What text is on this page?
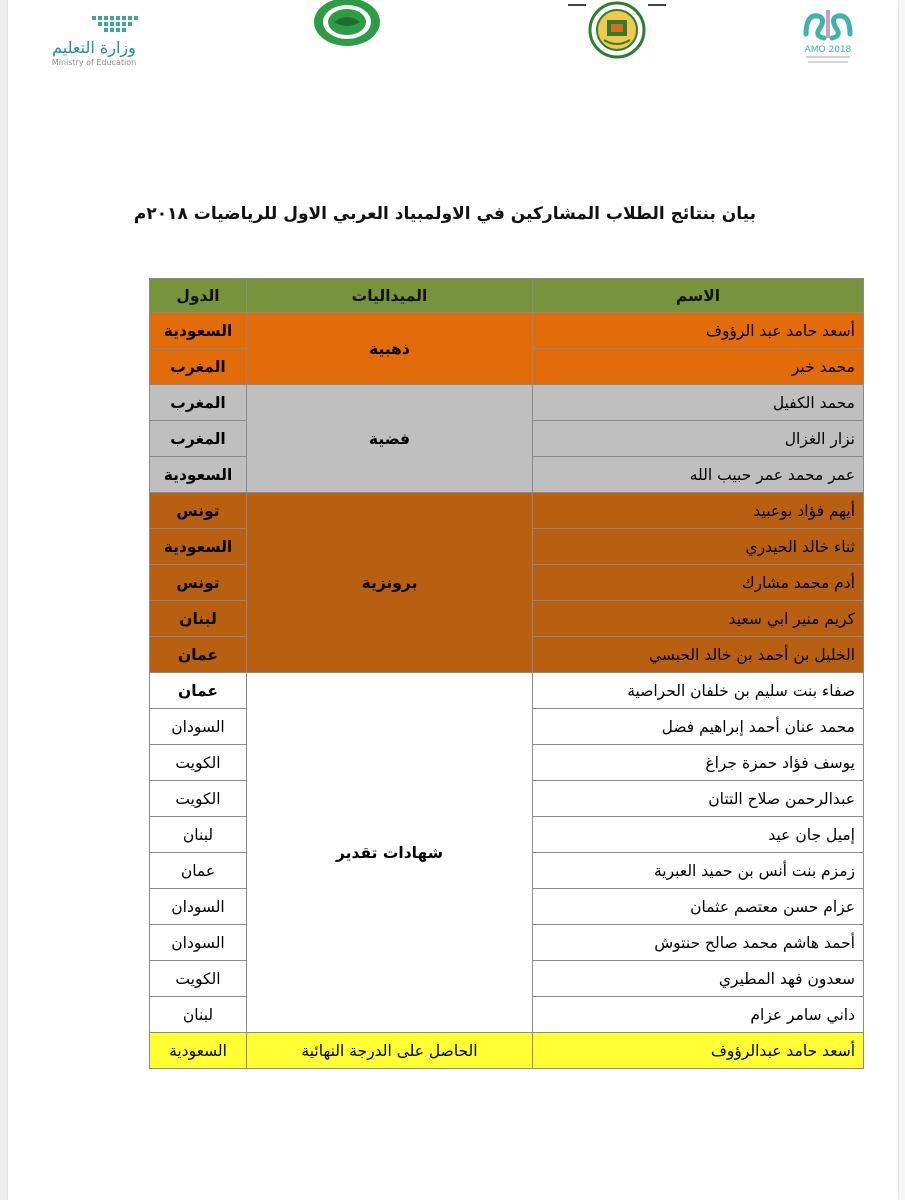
AMO 2018
وزارة التعليم
Ministry of Education
بيان بنتائج الطلاب المشاركين في الاولمبياد العربي الاول للرياضيات ٢٠١٨م
الاسم	الميداليات	الدول
أسعد حامد عبد الرؤوف	ذهبية	السعودية
محمد خير		المغرب
محمد الكفيل	فضية	المغرب
نزار الغزال		المغرب
عمر محمد عمر حبيب الله		السعودية
أيهم فؤاد بوعبيد	برونزية	تونس
ثناء خالد الحيدري		السعودية
أدم محمد مشارك		تونس
كريم منير ابي سعيد		لبنان
الخليل بن أحمد بن خالد الحبسي		عمان
صفاء بنت سليم بن خلفان الحراصية	شهادات تقدير	عمان
محمد عنان أحمد إبراهيم فضل		السودان
يوسف فؤاد حمزة جراغ		الكويت
عبدالرحمن صلاح التتان		الكويت
إميل جان عيد		لبنان
زمزم بنت أنس بن حميد العبرية		عمان
عزام حسن معتصم عثمان		السودان
أحمد هاشم محمد صالح حنتوش		السودان
سعدون فهد المطيري		الكويت
داني سامر عزام		لبنان
أسعد حامد عبدالرؤوف	الحاصل على الدرجة النهائية	السعودية
